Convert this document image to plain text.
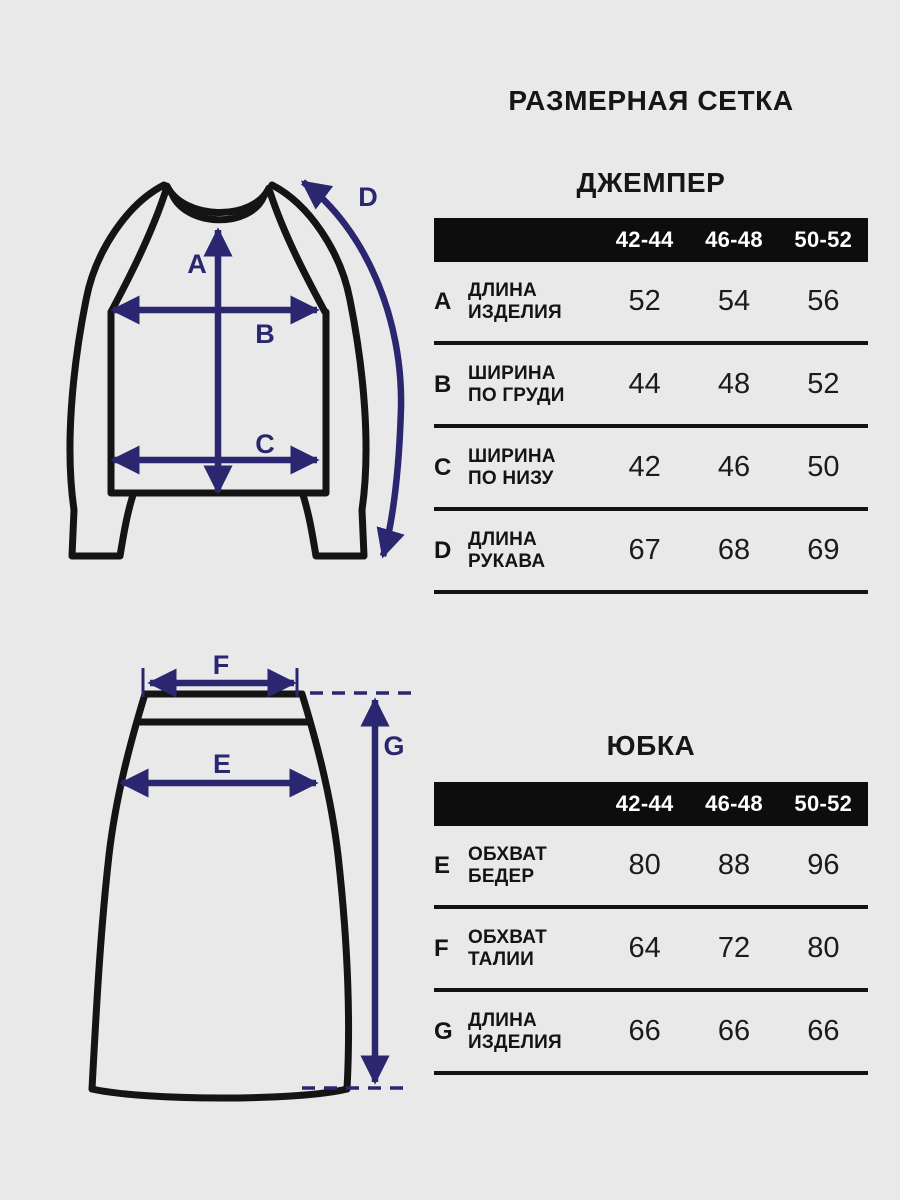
РАЗМЕРНАЯ СЕТКА
A
B
C
D
F
E
G
ДЖЕМПЕР
42-44	46-48	50-52
A ДЛИНА
ИЗДЕЛИЯ	52	54	56
B ШИРИНА
ПО ГРУДИ	44	48	52
C ШИРИНА
ПО НИЗУ	42	46	50
D ДЛИНА
РУКАВА	67	68	69
ЮБКА
42-44	46-48	50-52
E ОБХВАТ
БЕДЕР	80	88	96
F	ОБХВАТ
ТАЛИИ	64	72	80
G ДЛИНА
ИЗДЕЛИЯ	66	66	66
